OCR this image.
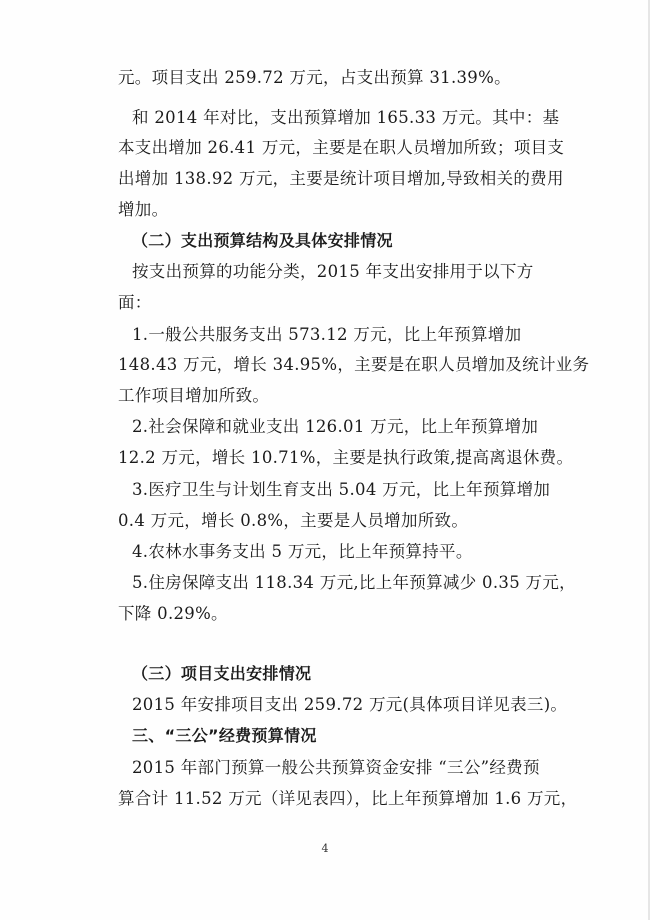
元。项目支出 259.72 万元，占支出预算 31.39%。
和 2014 年对比，支出预算增加 165.33 万元。其中：基
本支出增加 26.41 万元，主要是在职人员增加所致；项目支
出增加 138.92 万元，主要是统计项目增加,导致相关的费用
增加。
（二）支出预算结构及具体安排情况
按支出预算的功能分类，2015 年支出安排用于以下方
面：
1.一般公共服务支出 573.12 万元，比上年预算增加
148.43 万元，增长 34.95%，主要是在职人员增加及统计业务
工作项目增加所致。
2.社会保障和就业支出 126.01 万元，比上年预算增加
12.2 万元，增长 10.71%，主要是执行政策,提高离退休费。
3.医疗卫生与计划生育支出 5.04 万元，比上年预算增加
0.4 万元，增长 0.8%，主要是人员增加所致。
4.农林水事务支出 5 万元，比上年预算持平。
5.住房保障支出 118.34 万元,比上年预算减少 0.35 万元，
下降 0.29%。
（三）项目支出安排情况
2015 年安排项目支出 259.72 万元(具体项目详见表三)。
三、“三公”经费预算情况
2015 年部门预算一般公共预算资金安排 “三公”经费预
算合计 11.52 万元（详见表四），比上年预算增加 1.6 万元，
4
